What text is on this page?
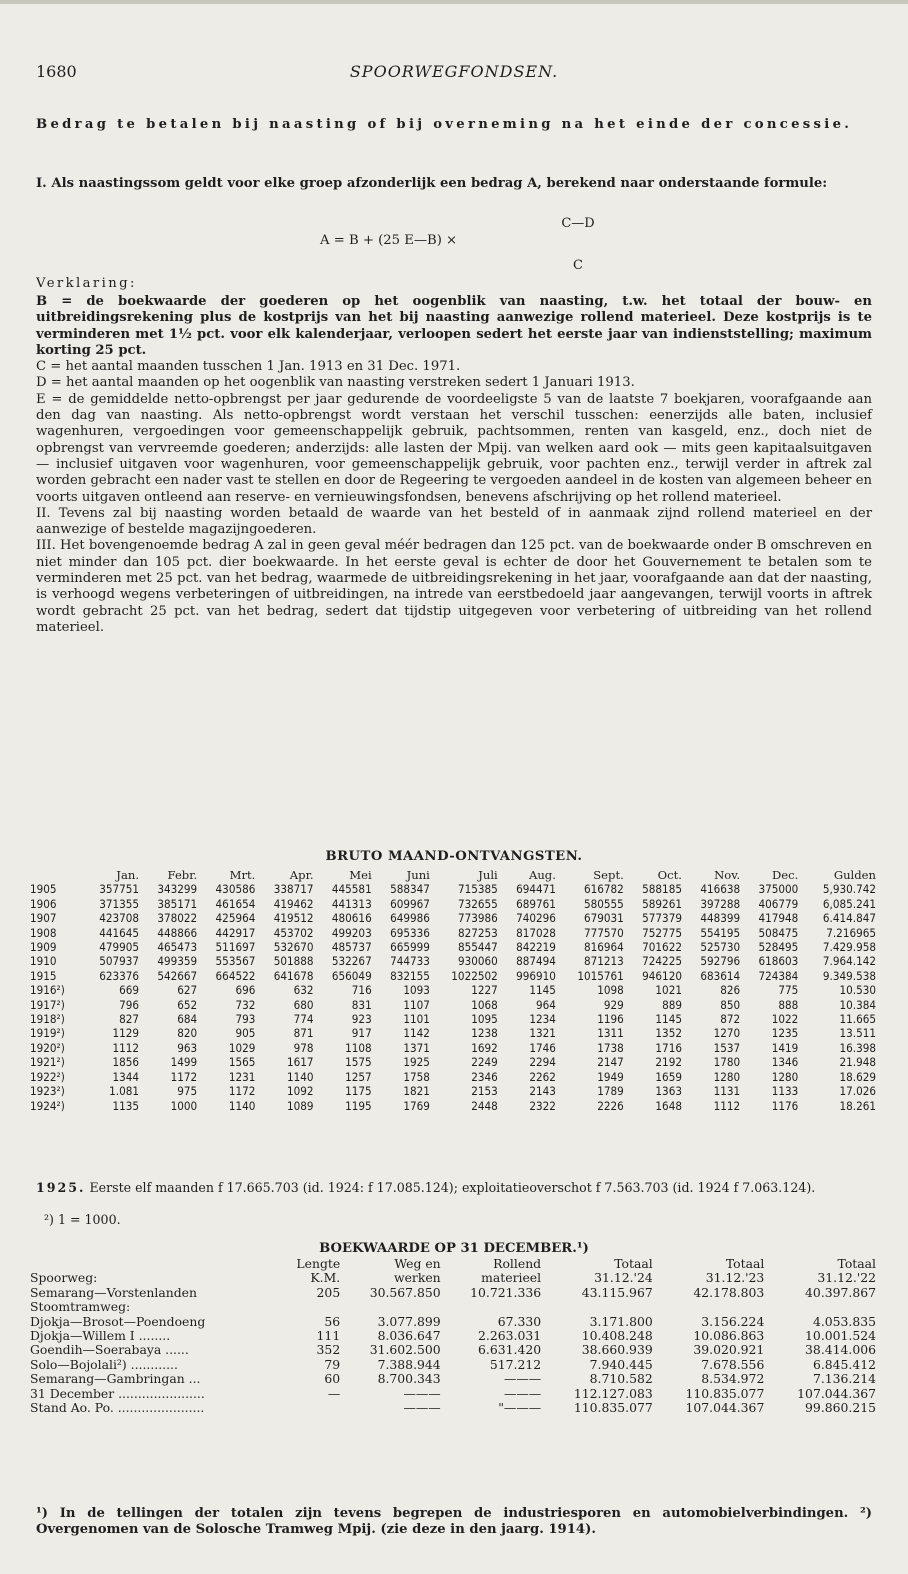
1680	SPOORWEGFONDSEN.
Bedrag te betalen bij naasting of bij overneming na het einde der concessie.
I. Als naastingssom geldt voor elke groep afzonderlijk een bedrag A, berekend naar onderstaande formule:
C—D
A = B + (25 E—B) ×
C
Verklaring:
B = de boekwaarde der goederen op het oogenblik van naasting, t.w. het totaal der bouw- en uitbreidingsrekening plus de kostprijs van het bij naasting aanwezige rollend materieel. Deze kostprijs is te verminderen met 1½ pct. voor elk kalenderjaar, verloopen sedert het eerste jaar van indienststelling; maximum korting 25 pct.
C = het aantal maanden tusschen 1 Jan. 1913 en 31 Dec. 1971.
D = het aantal maanden op het oogenblik van naasting verstreken sedert 1 Januari 1913.
E = de gemiddelde netto-opbrengst per jaar gedurende de voordeeligste 5 van de laatste 7 boekjaren, voorafgaande aan den dag van naasting. Als netto-opbrengst wordt verstaan het verschil tusschen: eenerzijds alle baten, inclusief wagenhuren, vergoedingen voor gemeenschappelijk gebruik, pachtsommen, renten van kasgeld, enz., doch niet de opbrengst van vervreemde goederen; anderzijds: alle lasten der Mpij. van welken aard ook — mits geen kapitaalsuitgaven — inclusief uitgaven voor wagenhuren, voor gemeenschappelijk gebruik, voor pachten enz., terwijl verder in aftrek zal worden gebracht een nader vast te stellen en door de Regeering te vergoeden aandeel in de kosten van algemeen beheer en voorts uitgaven ontleend aan reserve- en vernieuwingsfondsen, benevens afschrijving op het rollend materieel.
II. Tevens zal bij naasting worden betaald de waarde van het besteld of in aanmaak zijnd rollend materieel en der aanwezige of bestelde magazijngoederen.
III. Het bovengenoemde bedrag A zal in geen geval méér bedragen dan 125 pct. van de boekwaarde onder B omschreven en niet minder dan 105 pct. dier boekwaarde. In het eerste geval is echter de door het Gouvernement te betalen som te verminderen met 25 pct. van het bedrag, waarmede de uitbreidingsrekening in het jaar, voorafgaande aan dat der naasting, is verhoogd wegens verbeteringen of uitbreidingen, na intrede van eerstbedoeld jaar aangevangen, terwijl voorts in aftrek wordt gebracht 25 pct. van het bedrag, sedert dat tijdstip uitgegeven voor verbetering of uitbreiding van het rollend materieel.
BRUTO MAAND-ONTVANGSTEN.
	Jan.	Febr.	Mrt.	Apr.	Mei	Juni	Juli	Aug.	Sept.	Oct.	Nov.	Dec.	Gulden
1905	357751	343299	430586	338717	445581	588347	715385	694471	616782	588185	416638	375000	5,930.742
1906	371355	385171	461654	419462	441313	609967	732655	689761	580555	589261	397288	406779	6,085.241
1907	423708	378022	425964	419512	480616	649986	773986	740296	679031	577379	448399	417948	6.414.847
1908	441645	448866	442917	453702	499203	695336	827253	817028	777570	752775	554195	508475	7.216965
1909	479905	465473	511697	532670	485737	665999	855447	842219	816964	701622	525730	528495	7.429.958
1910	507937	499359	553567	501888	532267	744733	930060	887494	871213	724225	592796	618603	7.964.142
1915	623376	542667	664522	641678	656049	832155	1022502	996910	1015761	946120	683614	724384	9.349.538
1916²)	669	627	696	632	716	1093	1227	1145	1098	1021	826	775	10.530
1917²)	796	652	732	680	831	1107	1068	964	929	889	850	888	10.384
1918²)	827	684	793	774	923	1101	1095	1234	1196	1145	872	1022	11.665
1919²)	1129	820	905	871	917	1142	1238	1321	1311	1352	1270	1235	13.511
1920²)	1112	963	1029	978	1108	1371	1692	1746	1738	1716	1537	1419	16.398
1921²)	1856	1499	1565	1617	1575	1925	2249	2294	2147	2192	1780	1346	21.948
1922²)	1344	1172	1231	1140	1257	1758	2346	2262	1949	1659	1280	1280	18.629
1923²)	1.081	975	1172	1092	1175	1821	2153	2143	1789	1363	1131	1133	17.026
1924²)	1135	1000	1140	1089	1195	1769	2448	2322	2226	1648	1112	1176	18.261
1925. Eerste elf maanden f 17.665.703 (id. 1924: f 17.085.124); exploitatieoverschot f 7.563.703 (id. 1924 f 7.063.124).
²) 1 = 1000.
BOEKWAARDE OP 31 DECEMBER.¹)
	Lengte	Weg en	Rollend	Totaal	Totaal	Totaal
Spoorweg:	K.M.	werken	materieel	31.12.'24	31.12.'23	31.12.'22
Semarang—Vorstenlanden	205	30.567.850	10.721.336	43.115.967	42.178.803	40.397.867
Stoomtramweg:						
Djokja—Brosot—Poendoeng	56	3.077.899	67.330	3.171.800	3.156.224	4.053.835
Djokja—Willem I ........	111	8.036.647	2.263.031	10.408.248	10.086.863	10.001.524
Goendih—Soerabaya ......	352	31.602.500	6.631.420	38.660.939	39.020.921	38.414.006
Solo—Bojolali²) ............	79	7.388.944	517.212	7.940.445	7.678.556	6.845.412
Semarang—Gambringan ...	60	8.700.343	———	8.710.582	8.534.972	7.136.214
31 December ......................	—	———	———	112.127.083	110.835.077	107.044.367
Stand Ao. Po. ......................		———	"———	110.835.077	107.044.367	99.860.215
¹) In de tellingen der totalen zijn tevens begrepen de industriesporen en automobielverbindingen. ²) Overgenomen van de Solosche Tramweg Mpij. (zie deze in den jaarg. 1914).
